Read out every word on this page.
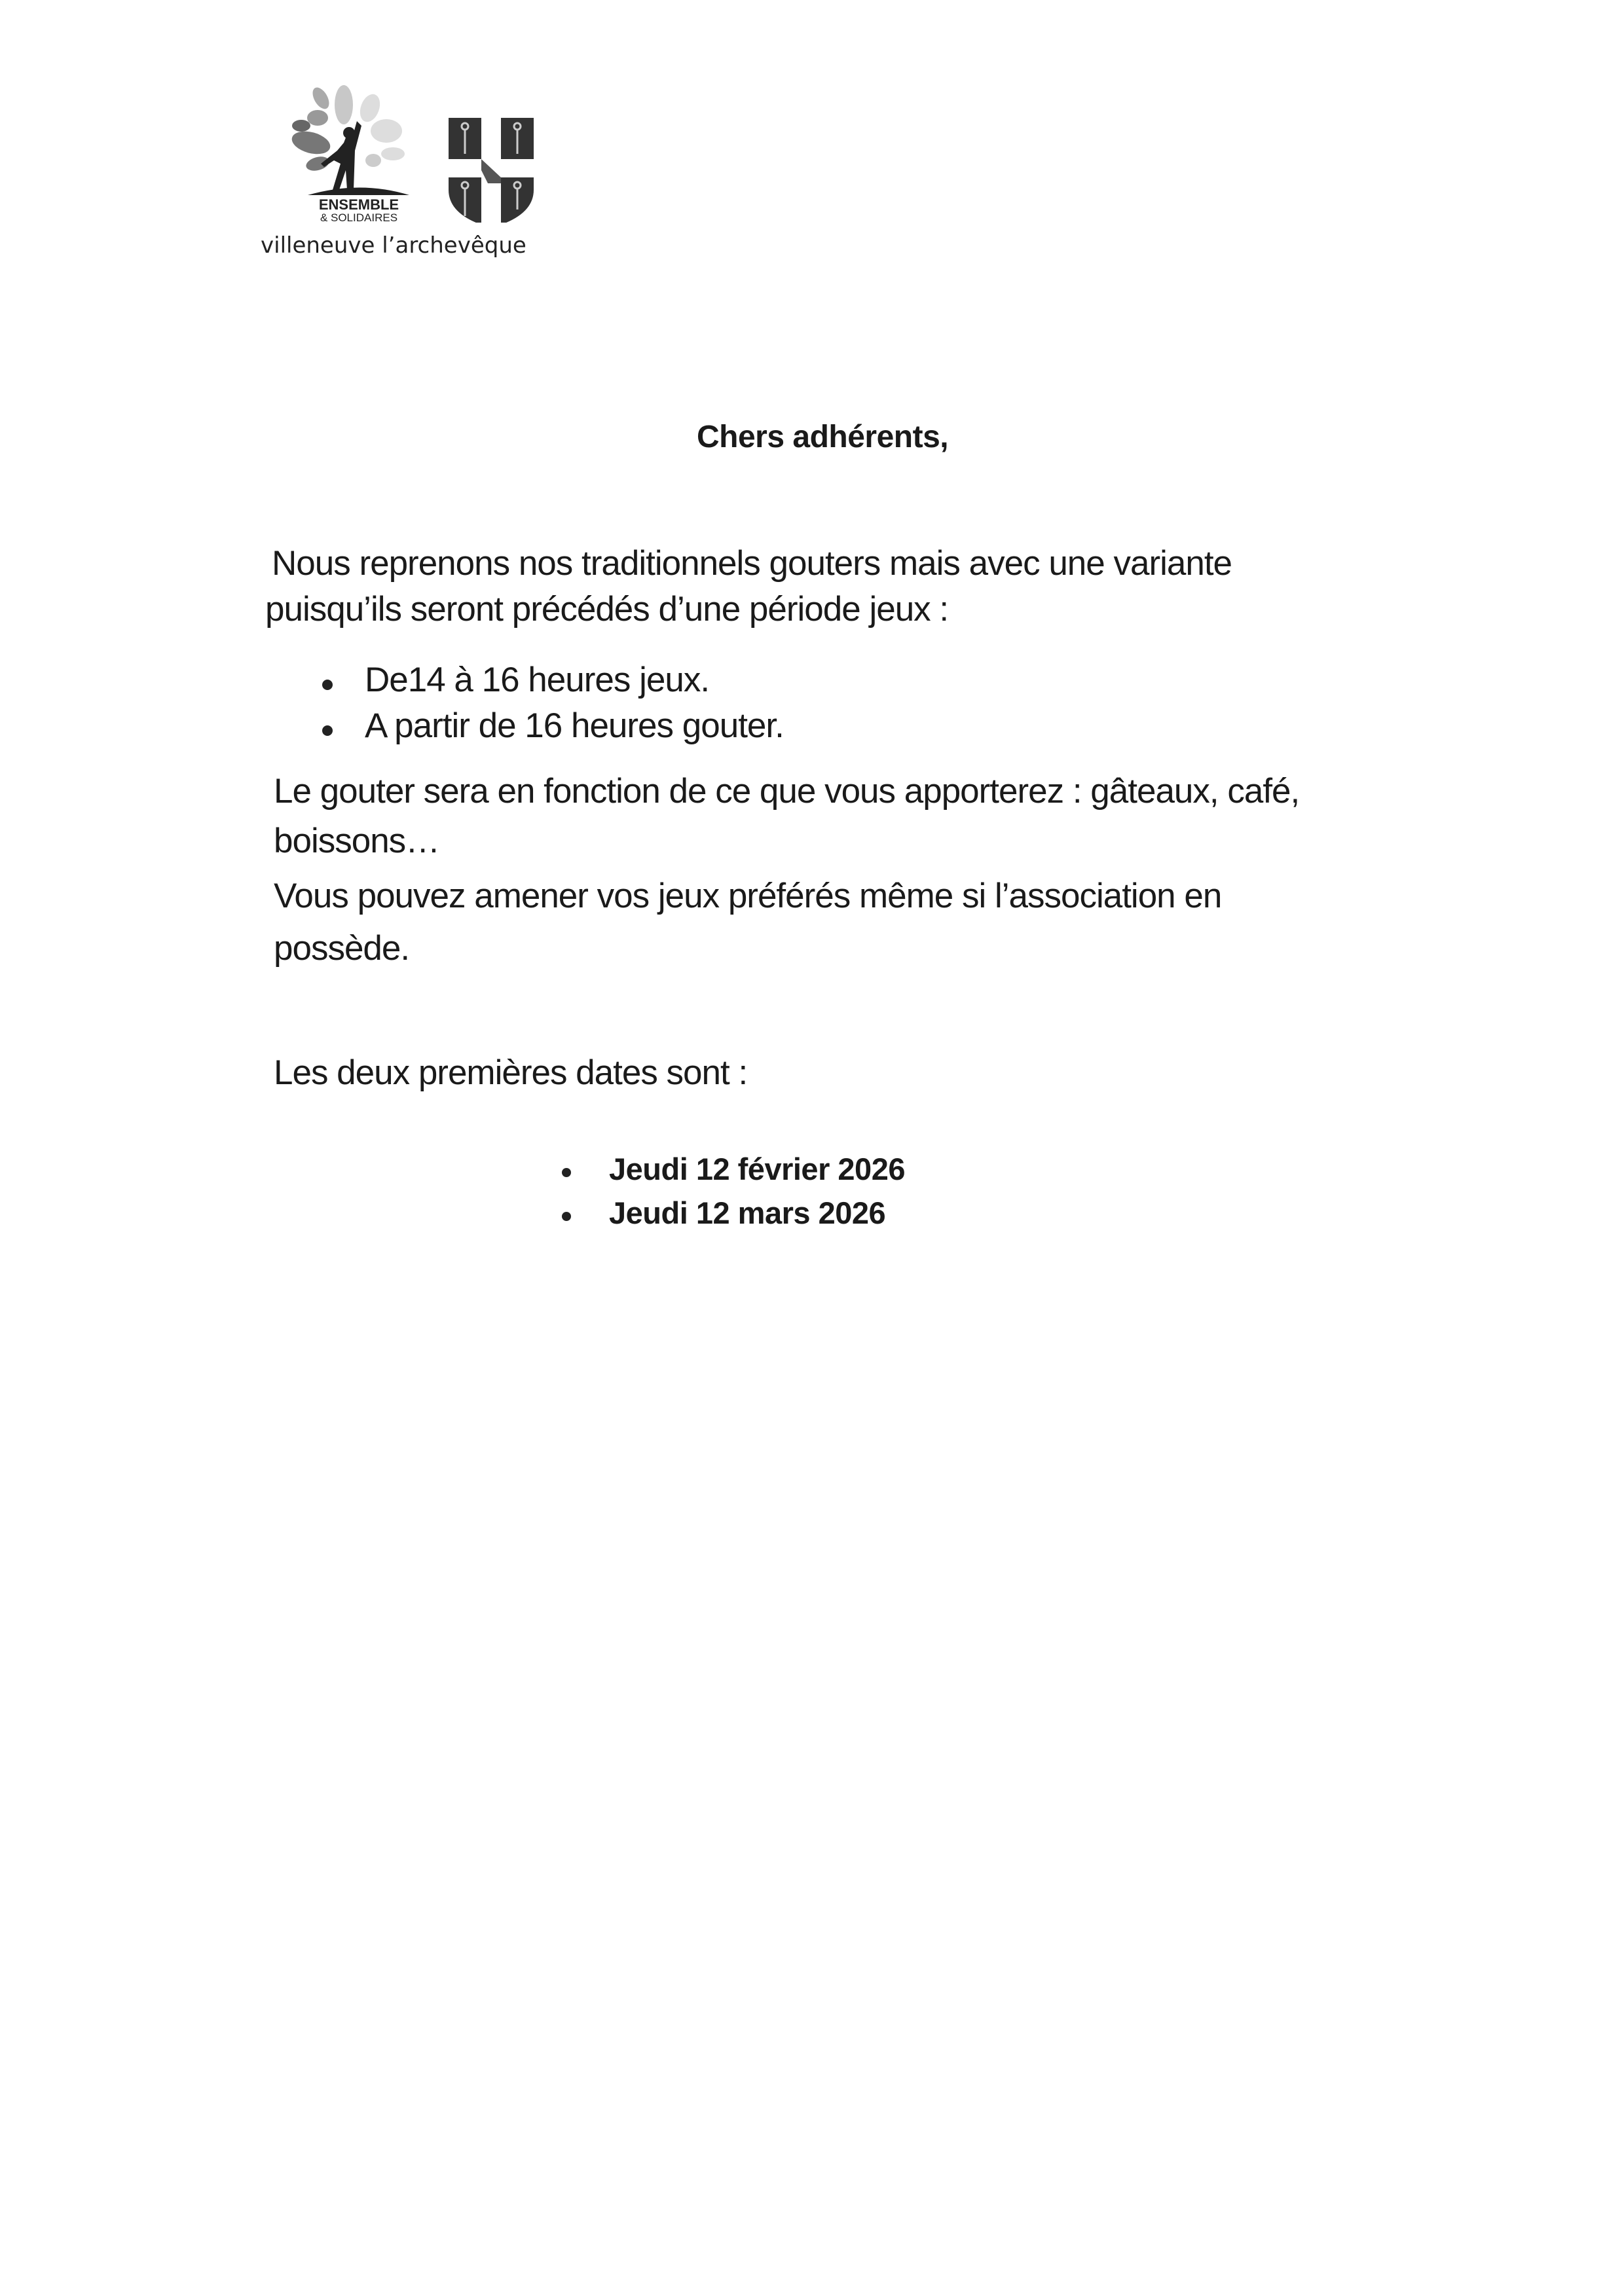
ENSEMBLE
& SOLIDAIRES
villeneuve l’archevêque
Chers adhérents,
Nous reprenons nos traditionnels gouters mais avec une variante
puisqu’ils seront précédés d’une période jeux :
De14 à 16 heures jeux.
A partir de 16 heures gouter.
Le gouter sera en fonction de ce que vous apporterez : gâteaux, café,
boissons…
Vous pouvez amener vos jeux préférés même si l’association en
possède.
Les deux premières dates sont :
Jeudi 12 février 2026
Jeudi 12 mars 2026
